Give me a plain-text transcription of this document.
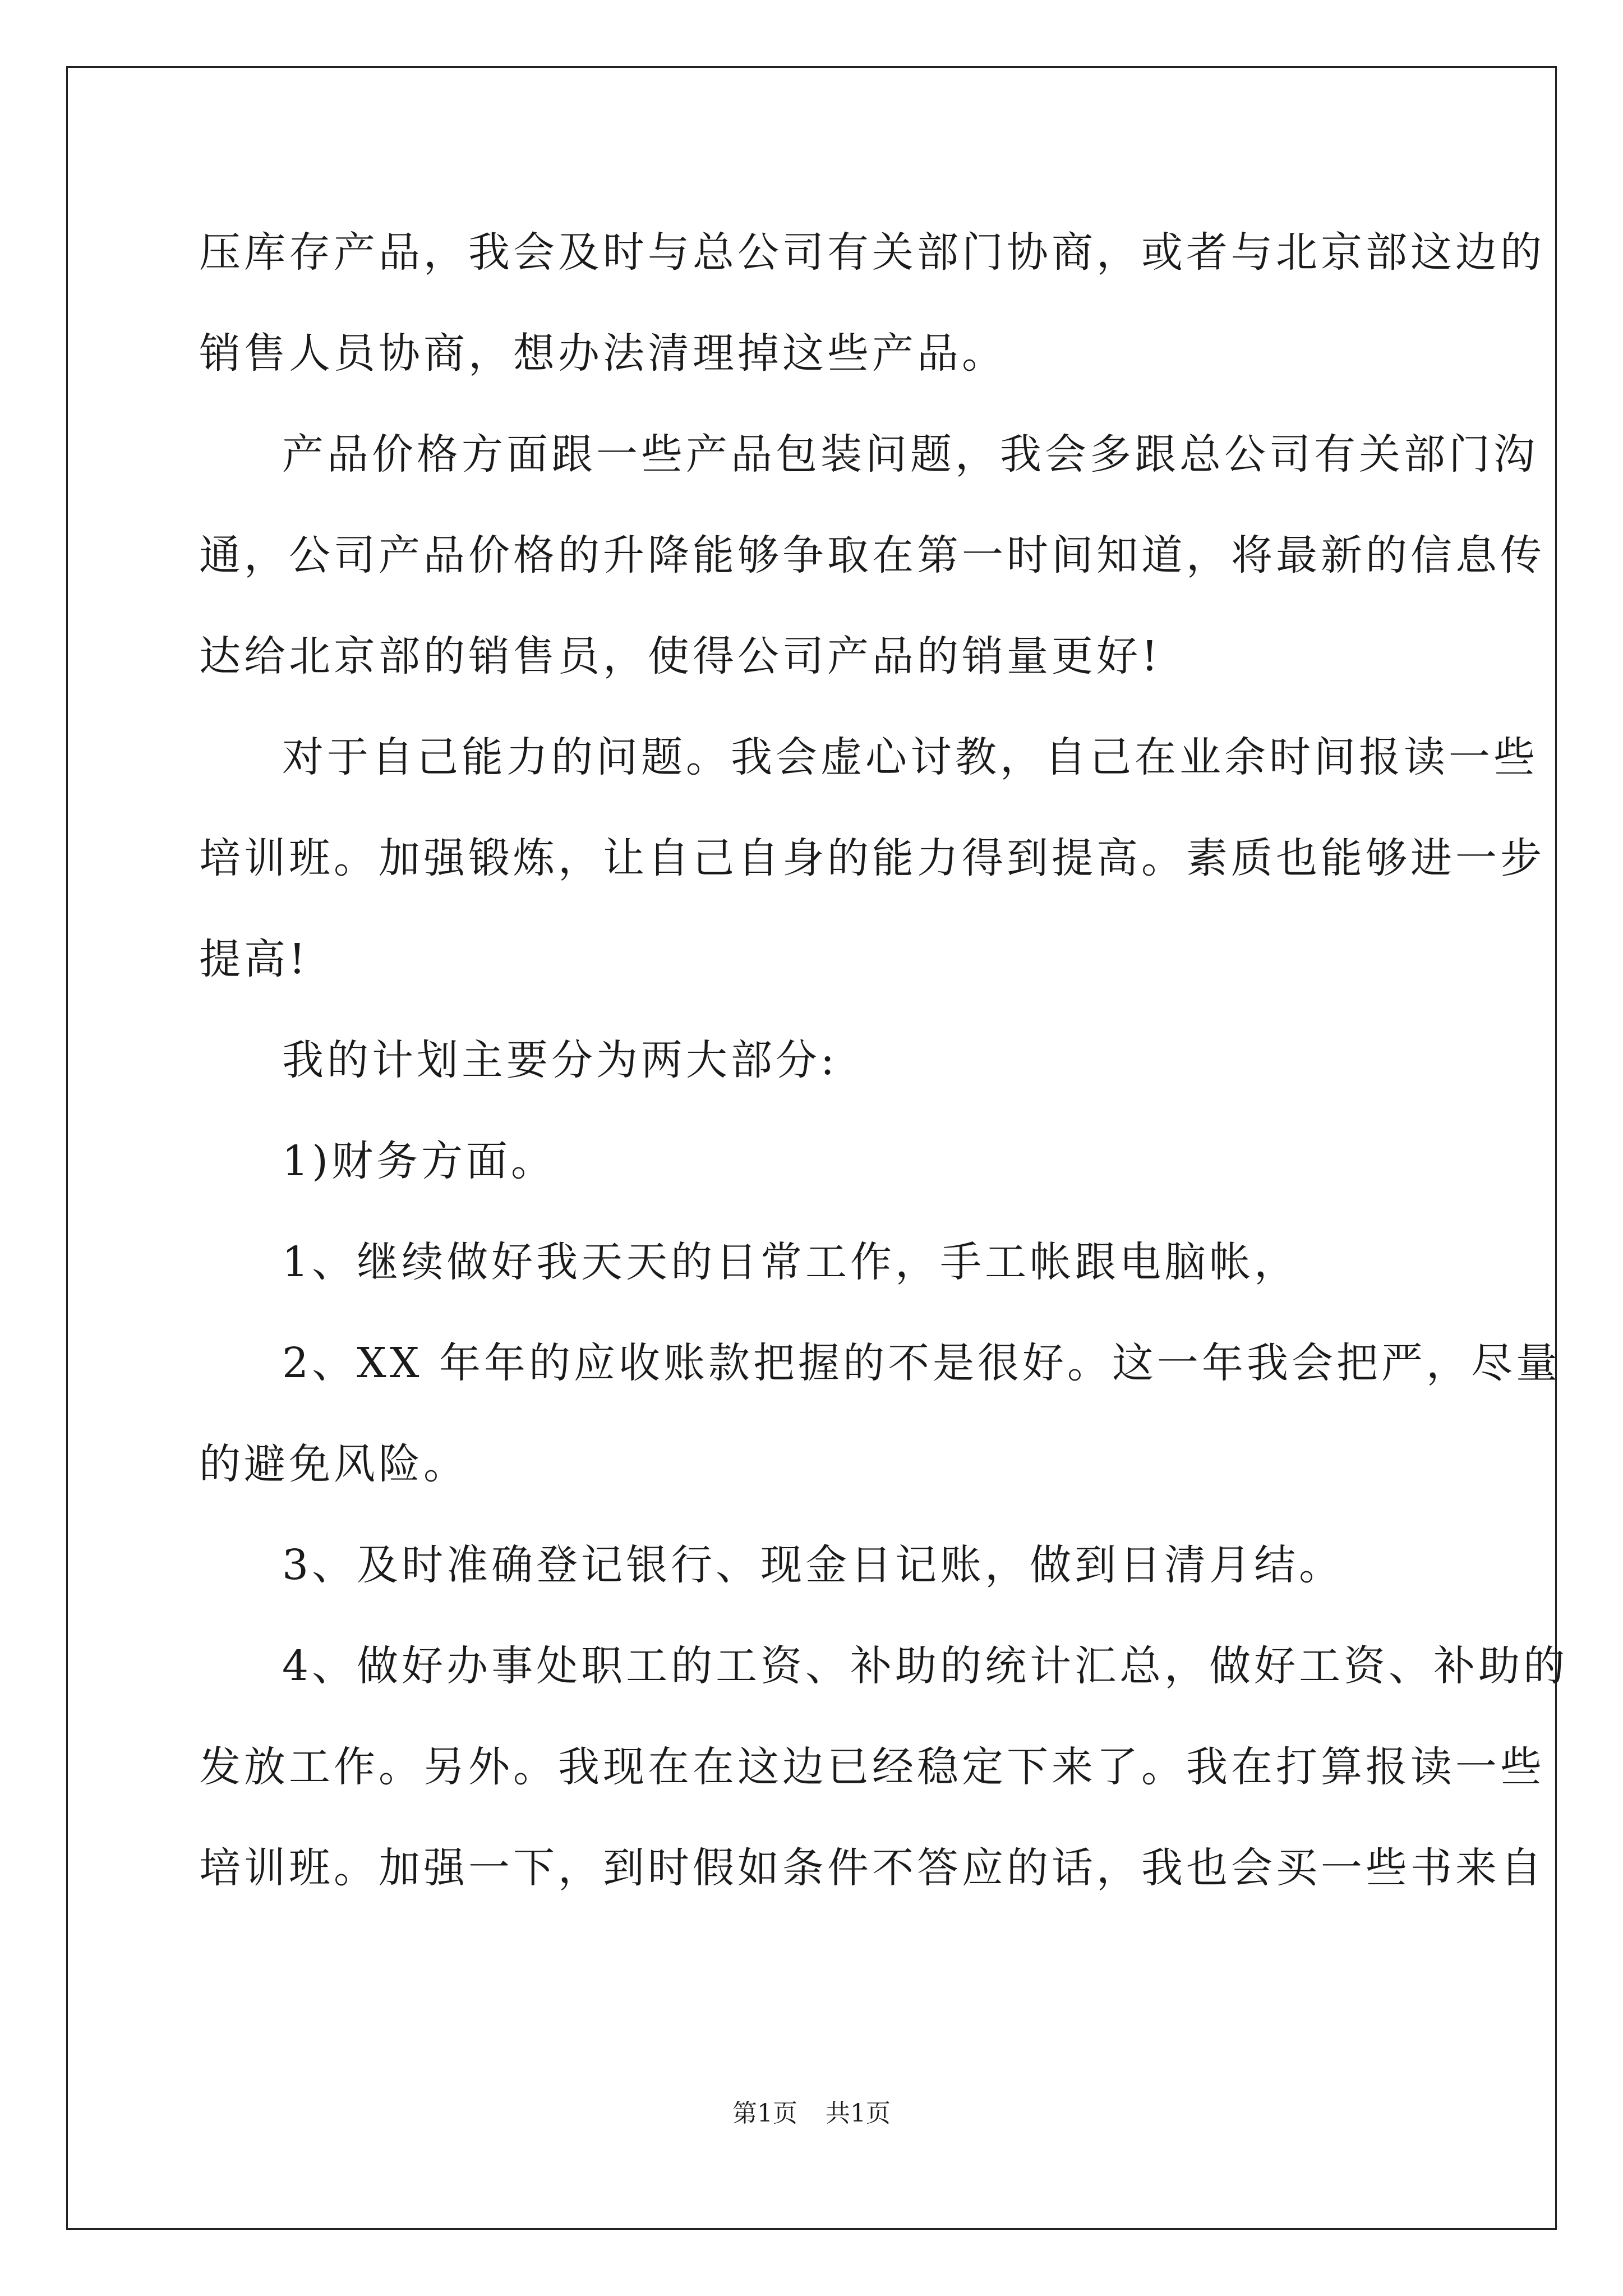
压库存产品，我会及时与总公司有关部门协商，或者与北京部这边的
销售人员协商，想办法清理掉这些产品。
产品价格方面跟一些产品包装问题，我会多跟总公司有关部门沟
通，公司产品价格的升降能够争取在第一时间知道，将最新的信息传
达给北京部的销售员，使得公司产品的销量更好!
对于自己能力的问题。我会虚心讨教，自己在业余时间报读一些
培训班。加强锻炼，让自己自身的能力得到提高。素质也能够进一步
提高!
我的计划主要分为两大部分:
1)财务方面。
1、继续做好我天天的日常工作，手工帐跟电脑帐，
2、XX 年年的应收账款把握的不是很好。这一年我会把严，尽量
的避免风险。
3、及时准确登记银行、现金日记账，做到日清月结。
4、做好办事处职工的工资、补助的统计汇总，做好工资、补助的
发放工作。另外。我现在在这边已经稳定下来了。我在打算报读一些
培训班。加强一下，到时假如条件不答应的话，我也会买一些书来自
第1页 共1页
